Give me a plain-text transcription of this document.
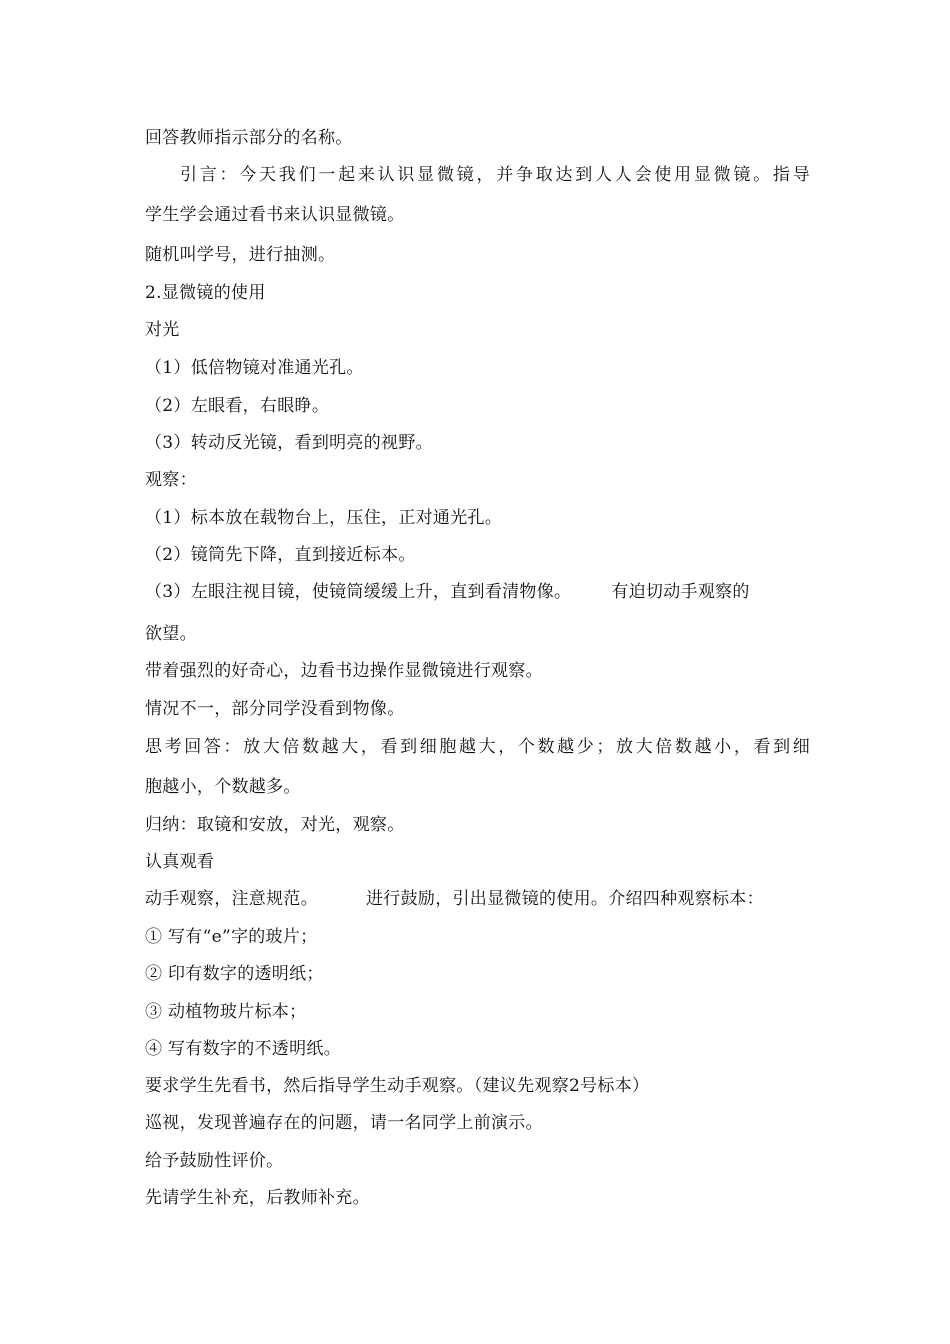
回答教师指示部分的名称。
引言：今天我们一起来认识显微镜，并争取达到人人会使用显微镜。指导
学生学会通过看书来认识显微镜。
随机叫学号，进行抽测。
2.显微镜的使用
对光
（1）低倍物镜对准通光孔。
（2）左眼看，右眼睁。
（3）转动反光镜，看到明亮的视野。
观察：
（1）标本放在载物台上，压住，正对通光孔。
（2）镜筒先下降，直到接近标本。
（3）左眼注视目镜，使镜筒缓缓上升，直到看清物像。 有迫切动手观察的
欲望。
带着强烈的好奇心，边看书边操作显微镜进行观察。
情况不一，部分同学没看到物像。
思考回答：放大倍数越大，看到细胞越大，个数越少；放大倍数越小，看到细
胞越小，个数越多。
归纳：取镜和安放，对光，观察。
认真观看
动手观察，注意规范。	进行鼓励，引出显微镜的使用。介绍四种观察标本：
① 写有“e”字的玻片；
② 印有数字的透明纸；
③ 动植物玻片标本；
④ 写有数字的不透明纸。
要求学生先看书，然后指导学生动手观察。（建议先观察2号标本）
巡视，发现普遍存在的问题，请一名同学上前演示。
给予鼓励性评价。
先请学生补充，后教师补充。
